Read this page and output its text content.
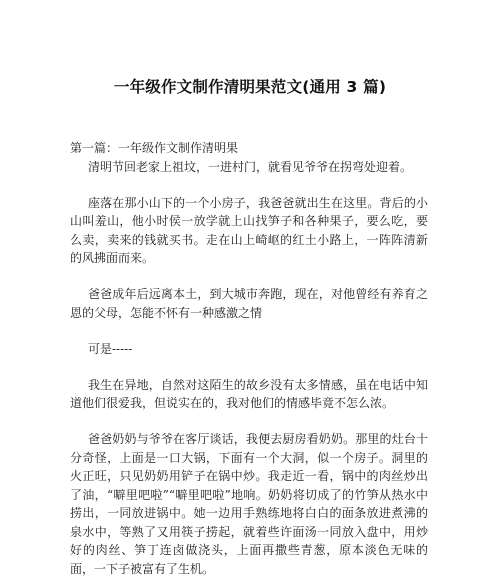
一年级作文制作清明果范文(通用 3 篇)

第一篇：一年级作文制作清明果

清明节回老家上祖坟，一进村门，就看见爷爷在拐弯处迎着。

座落在那小山下的一个小房子，我爸爸就出生在这里。背后的小山叫羞山，他小时侯一放学就上山找笋子和各种果子，要么吃，要么卖，卖来的钱就买书。走在山上崎岖的红土小路上，一阵阵清新的风拂面而来。

爸爸成年后远离本土，到大城市奔跑，现在，对他曾经有养育之恩的父母，怎能不怀有一种感激之情

可是-----

我生在异地，自然对这陌生的故乡没有太多情感，虽在电话中知道他们很爱我，但说实在的，我对他们的情感毕竟不怎么浓。

爸爸奶奶与爷爷在客厅谈话，我便去厨房看奶奶。那里的灶台十分奇怪，上面是一口大锅，下面有一个大洞，似一个房子。洞里的火正旺，只见奶奶用铲子在锅中炒。我走近一看，锅中的肉丝炒出了油，“噼里吧啦”“噼里吧啦”地响。奶奶将切成了的竹笋从热水中捞出，一同放进锅中。她一边用手熟练地将白白的面条放进煮沸的泉水中，等熟了又用筷子捞起，就着些许面汤一同放入盘中，用炒好的肉丝、笋丁连卤做浇头，上面再撒些青葱，原本淡色无味的面，一下子被富有了生机。
